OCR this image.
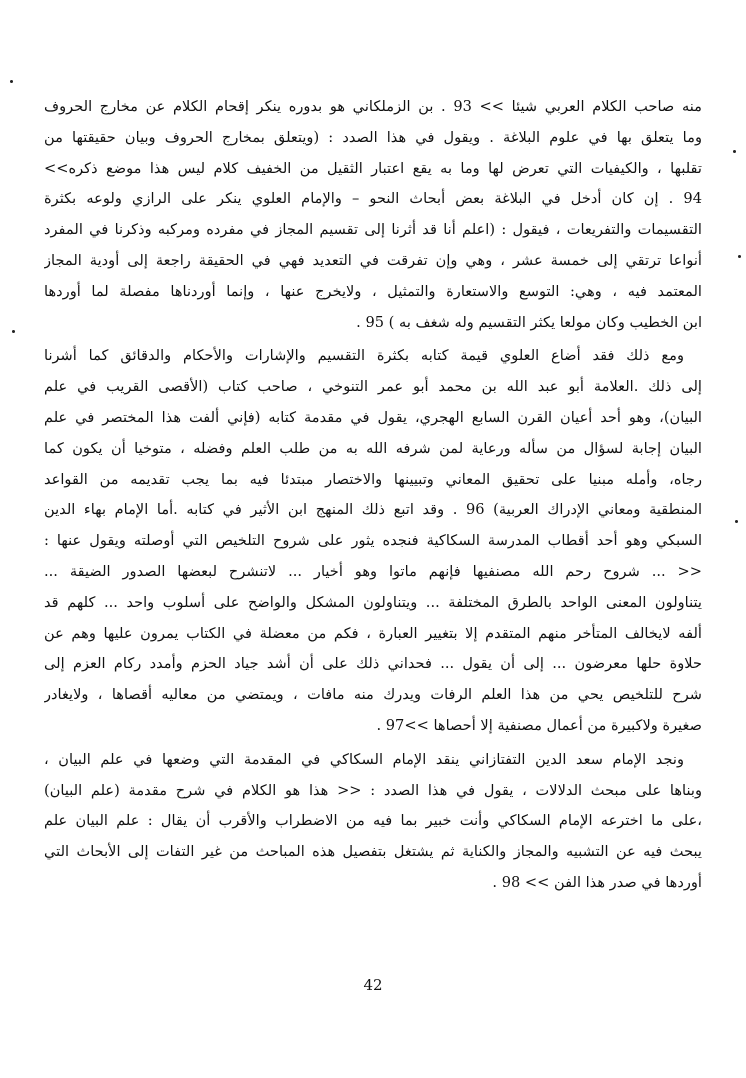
منه صاحب الكلام العربي شيئا >> 93 . بن الزملكاني هو بدوره ينكر إقحام الكلام عن مخارج الحروف
وما يتعلق بها في علوم البلاغة . ويقول في هذا الصدد : (ويتعلق بمخارج الحروف وبيان حقيقتها من
تقلبها ، والكيفيات التي تعرض لها وما به يقع اعتبار الثقيل من الخفيف كلام ليس هذا موضع ذكره>>
94 . إن كان أدخل في البلاغة بعض أبحاث النحو – والإمام العلوي ينكر على الرازي ولوعه بكثرة
التقسيمات والتفريعات ، فيقول : (اعلم أنا قد أثرنا إلى تقسيم المجاز في مفرده ومركبه وذكرنا في المفرد
أنواعا ترتقي إلى خمسة عشر ، وهي وإن تفرقت في التعديد فهي في الحقيقة راجعة إلى أودية المجاز
المعتمد فيه ، وهي: التوسع والاستعارة والتمثيل ، ولايخرج عنها ، وإنما أوردناها مفصلة لما أوردها
ابن الخطيب وكان مولعا يكثر التقسيم وله شغف به ) 95 .
ومع ذلك فقد أضاع العلوي قيمة كتابه بكثرة التقسيم والإشارات والأحكام والدقائق كما أشرنا
إلى ذلك .العلامة أبو عبد الله بن محمد أبو عمر التنوخي ، صاحب كتاب (الأقصى القريب في علم
البيان)، وهو أحد أعيان القرن السابع الهجري، يقول في مقدمة كتابه (فإني ألفت هذا المختصر في علم
البيان إجابة لسؤال من سأله ورعاية لمن شرفه الله به من طلب العلم وفضله ، متوخيا أن يكون كما
رجاه، وأمله مبنيا على تحقيق المعاني وتبيينها والاختصار مبتدئا فيه بما يجب تقديمه من القواعد
المنطقية ومعاني الإدراك العربية) 96 . وقد اتبع ذلك المنهج ابن الأثير في كتابه .أما الإمام بهاء الدين
السبكي وهو أحد أقطاب المدرسة السكاكية فنجده يثور على شروح التلخيص التي أوصلته ويقول عنها :
<< ... شروح رحم الله مصنفيها فإنهم ماتوا وهو أخيار ... لاتنشرح لبعضها الصدور الضيقة ...
يتناولون المعنى الواحد بالطرق المختلفة ... ويتناولون المشكل والواضح على أسلوب واحد ... كلهم قد
ألفه لايخالف المتأخر منهم المتقدم إلا بتغيير العبارة ، فكم من معضلة في الكتاب يمرون عليها وهم عن
حلاوة حلها معرضون ... إلى أن يقول ... فحداني ذلك على أن أشد جياد الحزم وأمدد ركام العزم إلى
شرح للتلخيص يحي من هذا العلم الرفات ويدرك منه مافات ، ويمتضي من معاليه أقصاها ، ولايغادر
صغيرة ولاكبيرة من أعمال مصنفية إلا أحصاها >>97 .
ونجد الإمام سعد الدين التفتازاني ينقد الإمام السكاكي في المقدمة التي وضعها في علم البيان ،
وبناها على مبحث الدلالات ، يقول في هذا الصدد : << هذا هو الكلام في شرح مقدمة (علم البيان)
،على ما اخترعه الإمام السكاكي وأنت خبير بما فيه من الاضطراب والأقرب أن يقال : علم البيان علم
يبحث فيه عن التشبيه والمجاز والكناية ثم يشتغل بتفصيل هذه المباحث من غير التفات إلى الأبحاث التي
أوردها في صدر هذا الفن >> 98 .
42
